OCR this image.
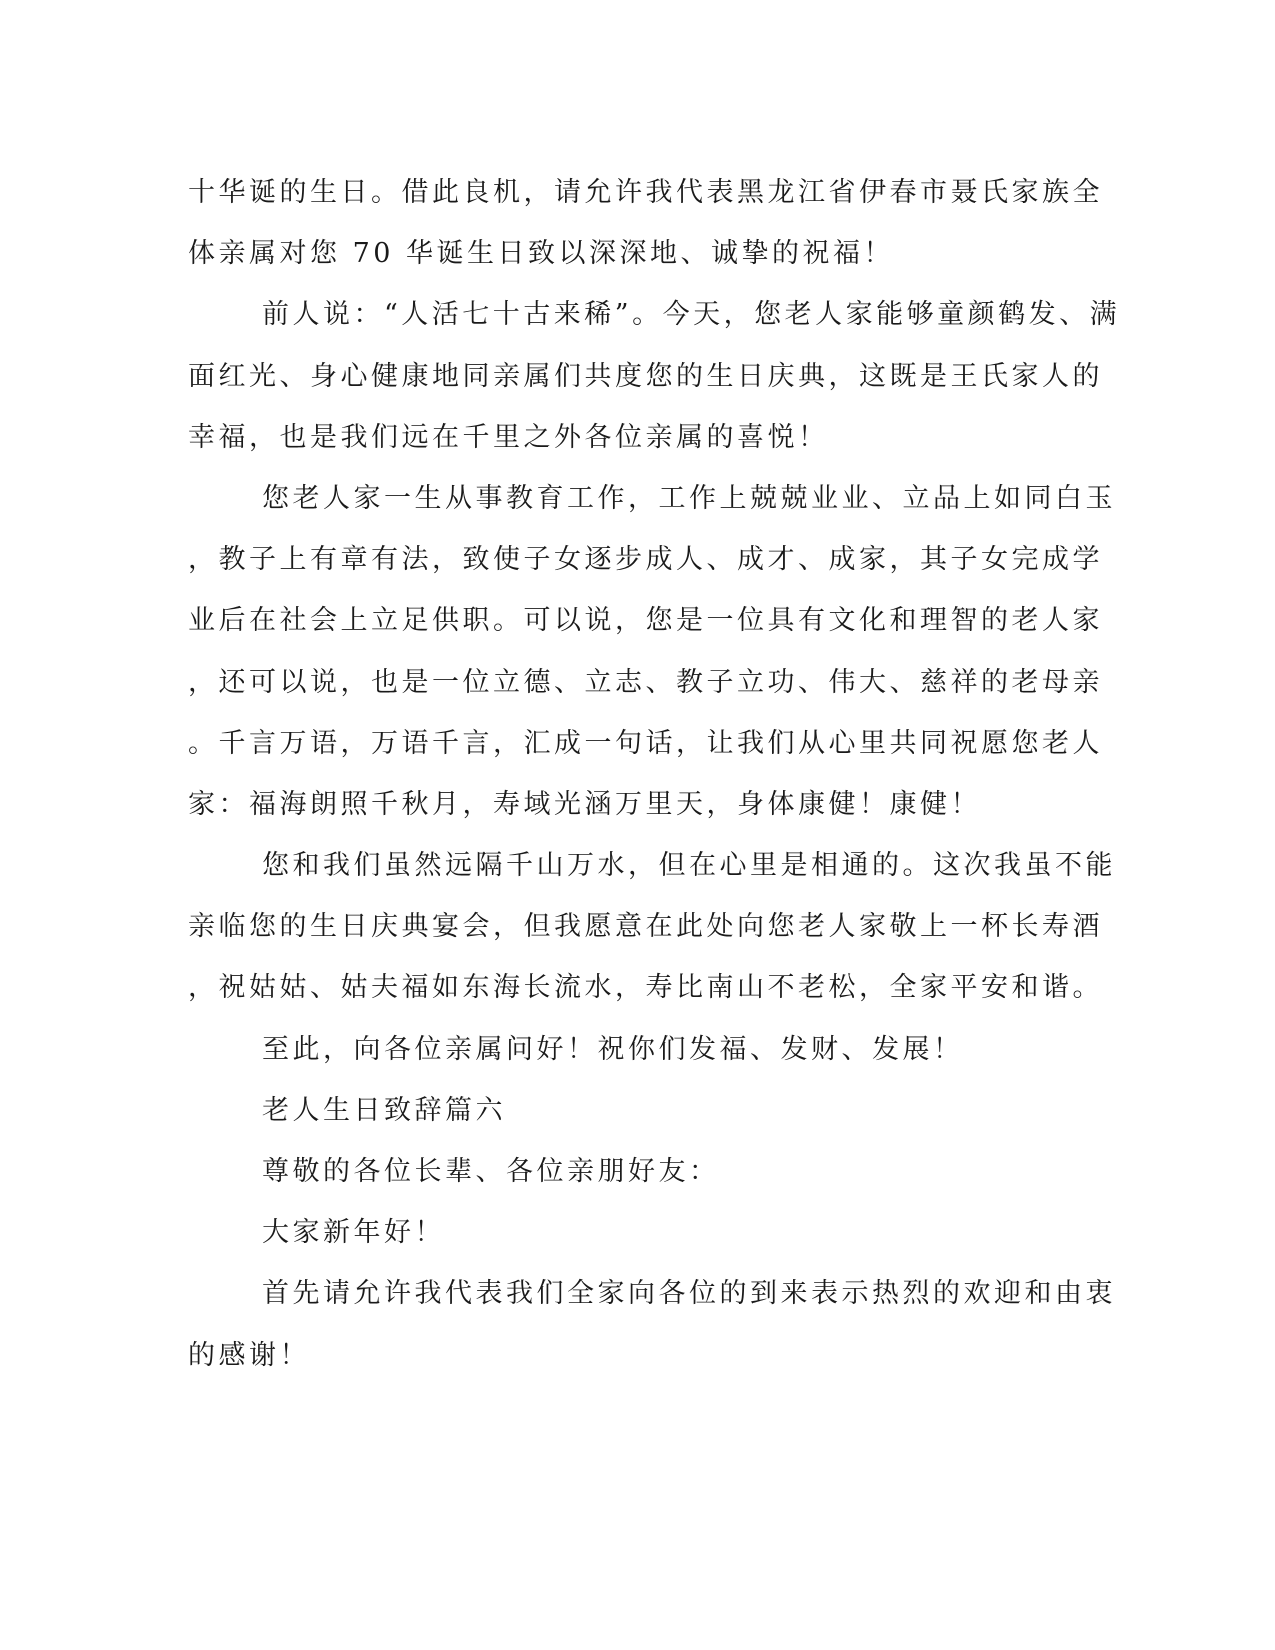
十华诞的生日。借此良机，请允许我代表黑龙江省伊春市聂氏家族全
体亲属对您 70 华诞生日致以深深地、诚挚的祝福！
前人说：“人活七十古来稀”。今天，您老人家能够童颜鹤发、满
面红光、身心健康地同亲属们共度您的生日庆典，这既是王氏家人的
幸福，也是我们远在千里之外各位亲属的喜悦！
您老人家一生从事教育工作，工作上兢兢业业、立品上如同白玉
，教子上有章有法，致使子女逐步成人、成才、成家，其子女完成学
业后在社会上立足供职。可以说，您是一位具有文化和理智的老人家
，还可以说，也是一位立德、立志、教子立功、伟大、慈祥的老母亲
。千言万语，万语千言，汇成一句话，让我们从心里共同祝愿您老人
家：福海朗照千秋月，寿域光涵万里天，身体康健！康健！
您和我们虽然远隔千山万水，但在心里是相通的。这次我虽不能
亲临您的生日庆典宴会，但我愿意在此处向您老人家敬上一杯长寿酒
，祝姑姑、姑夫福如东海长流水，寿比南山不老松，全家平安和谐。
至此，向各位亲属问好！祝你们发福、发财、发展！
老人生日致辞篇六
尊敬的各位长辈、各位亲朋好友：
大家新年好！
首先请允许我代表我们全家向各位的到来表示热烈的欢迎和由衷
的感谢！
